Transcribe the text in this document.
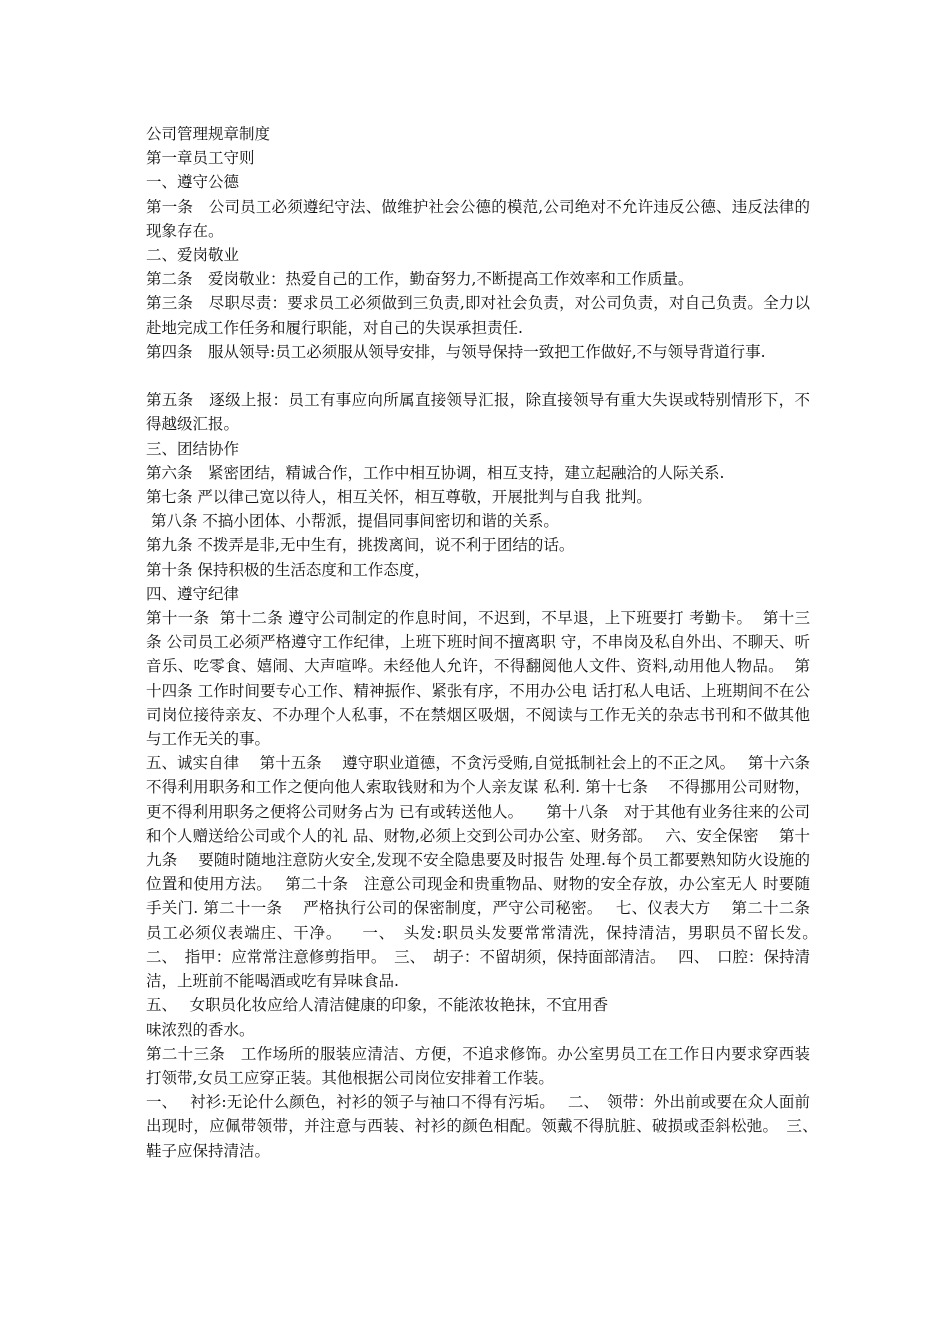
公司管理规章制度
第一章员工守则
一、遵守公德
第一条　公司员工必须遵纪守法、做维护社会公德的模范,公司绝对不允许违反公德、违反法律的现象存在。
二、爱岗敬业
第二条　爱岗敬业：热爱自己的工作，勤奋努力,不断提高工作效率和工作质量。
第三条　尽职尽责：要求员工必须做到三负责,即对社会负责，对公司负责，对自己负责。全力以赴地完成工作任务和履行职能，对自己的失误承担责任.
第四条　服从领导:员工必须服从领导安排，与领导保持一致把工作做好,不与领导背道行事.
第五条　逐级上报：员工有事应向所属直接领导汇报，除直接领导有重大失误或特别情形下，不得越级汇报。
三、团结协作
第六条　紧密团结，精诚合作，工作中相互协调，相互支持，建立起融洽的人际关系.
第七条 严以律己宽以待人，相互关怀，相互尊敬，开展批判与自我 批判。
第八条 不搞小团体、小帮派，提倡同事间密切和谐的关系。
第九条 不拨弄是非,无中生有，挑拨离间，说不利于团结的话。
第十条 保持积极的生活态度和工作态度，
四、遵守纪律
第十一条  第十二条 遵守公司制定的作息时间，不迟到，不早退，上下班要打 考勤卡。  第十三条 公司员工必须严格遵守工作纪律，上班下班时间不擅离职 守，不串岗及私自外出、不聊天、听音乐、吃零食、嬉闹、大声喧哗。未经他人允许，不得翻阅他人文件、资料,动用他人物品。  第十四条 工作时间要专心工作、精神振作、紧张有序，不用办公电 话打私人电话、上班期间不在公司岗位接待亲友、不办理个人私事，不在禁烟区吸烟，不阅读与工作无关的杂志书刊和不做其他与工作无关的事。
五、诚实自律　 第十五条　 遵守职业道德，不贪污受贿,自觉抵制社会上的不正之风。　 第十六条　不得利用职务和工作之便向他人索取钱财和为个人亲友谋 私利. 第十七条　 不得挪用公司财物，更不得利用职务之便将公司财务占为 已有或转送他人。　　第十八条　对于其他有业务往来的公司和个人赠送给公司或个人的礼 品、财物,必须上交到公司办公室、财务部。　 六、安全保密　 第十九条　 要随时随地注意防火安全,发现不安全隐患要及时报告 处理.每个员工都要熟知防火设施的位置和使用方法。　 第二十条　注意公司现金和贵重物品、财物的安全存放，办公室无人 时要随手关门. 第二十一条　 严格执行公司的保密制度，严守公司秘密。　 七、仪表大方　 第二十二条　员工必须仪表端庄、干净。　  一、　头发:职员头发要常常清洗，保持清洁，男职员不留长发。　 二、　指甲：应常常注意修剪指甲。　三、　胡子：不留胡须，保持面部清洁。　 四、　口腔：保持清洁，上班前不能喝酒或吃有异味食品.
五、　 女职员化妆应给人清洁健康的印象，不能浓妆艳抹，不宜用香
味浓烈的香水。
第二十三条　工作场所的服装应清洁、方便，不追求修饰。办公室男员工在工作日内要求穿西装打领带,女员工应穿正装。其他根据公司岗位安排着工作装。
一、　 衬衫:无论什么颜色，衬衫的领子与袖口不得有污垢。　 二、　领带：外出前或要在众人面前出现时，应佩带领带，并注意与西装、衬衫的颜色相配。领戴不得肮脏、破损或歪斜松弛。　三、　鞋子应保持清洁。
